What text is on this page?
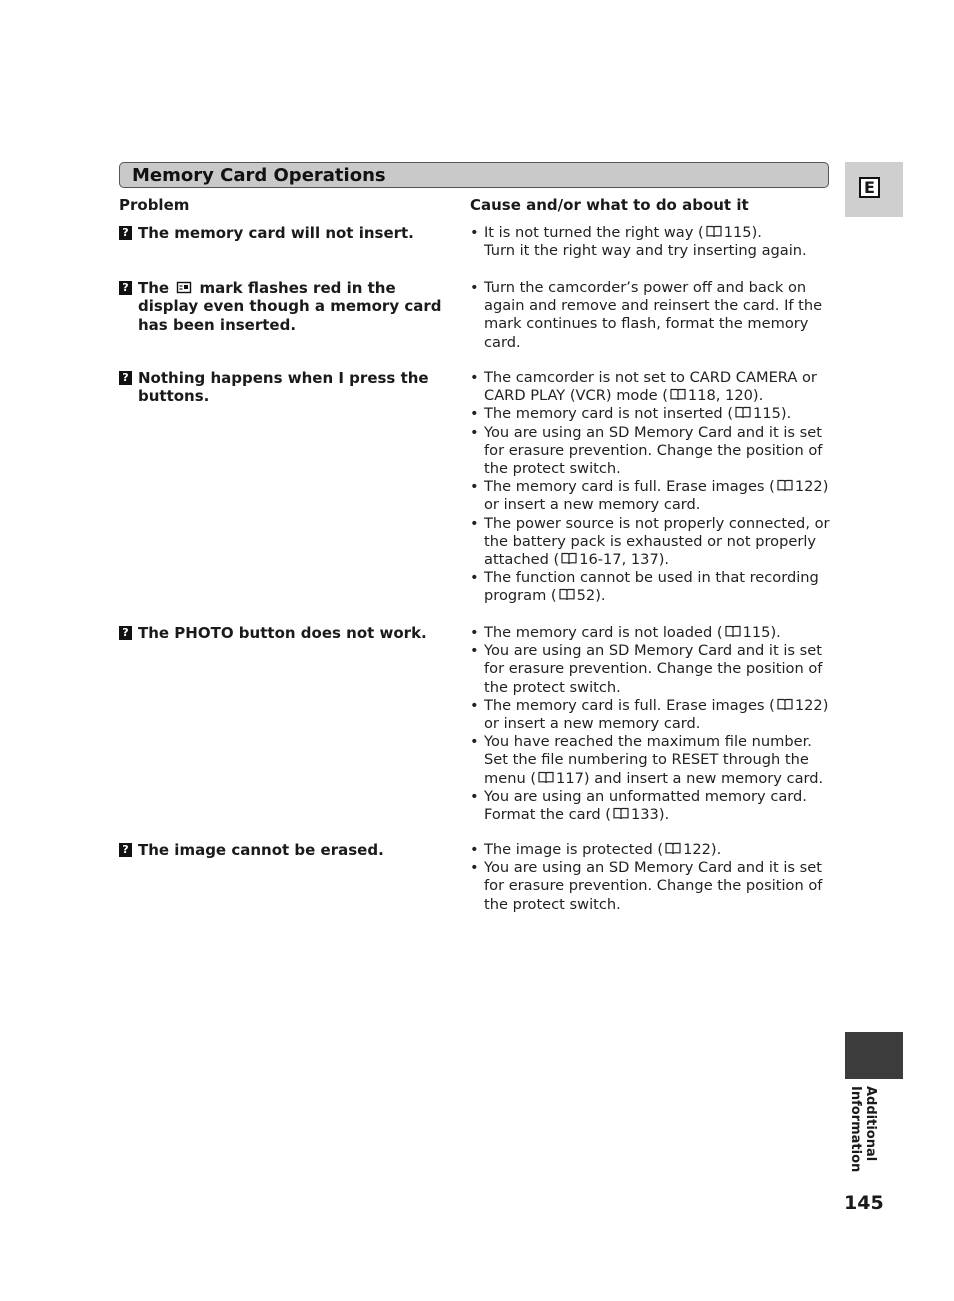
Memory Card Operations
E
Problem	Cause and/or what to do about it
? The memory card will not insert.	• It is not turned the right way ( 115).
Turn it the right way and try inserting again.
? The  mark flashes red in the display even though a memory card has been inserted.
• Turn the camcorder’s power off and back on again and remove and reinsert the card. If the mark continues to flash, format the memory card.
? Nothing happens when I press the buttons.
• The camcorder is not set to CARD CAMERA or CARD PLAY (VCR) mode ( 118, 120).
• The memory card is not inserted ( 115).
• You are using an SD Memory Card and it is set for erasure prevention. Change the position of the protect switch.
• The memory card is full. Erase images ( 122) or insert a new memory card.
• The power source is not properly connected, or the battery pack is exhausted or not properly attached ( 16-17, 137).
• The function cannot be used in that recording program ( 52).
? The PHOTO button does not work.	• The memory card is not loaded ( 115).
• You are using an SD Memory Card and it is set for erasure prevention. Change the position of the protect switch.
• The memory card is full. Erase images ( 122) or insert a new memory card.
• You have reached the maximum file number. Set the file numbering to RESET through the menu ( 117) and insert a new memory card.
• You are using an unformatted memory card. Format the card ( 133).
? The image cannot be erased.	• The image is protected ( 122).
• You are using an SD Memory Card and it is set for erasure prevention. Change the position of the protect switch.
Additional
Information
145
